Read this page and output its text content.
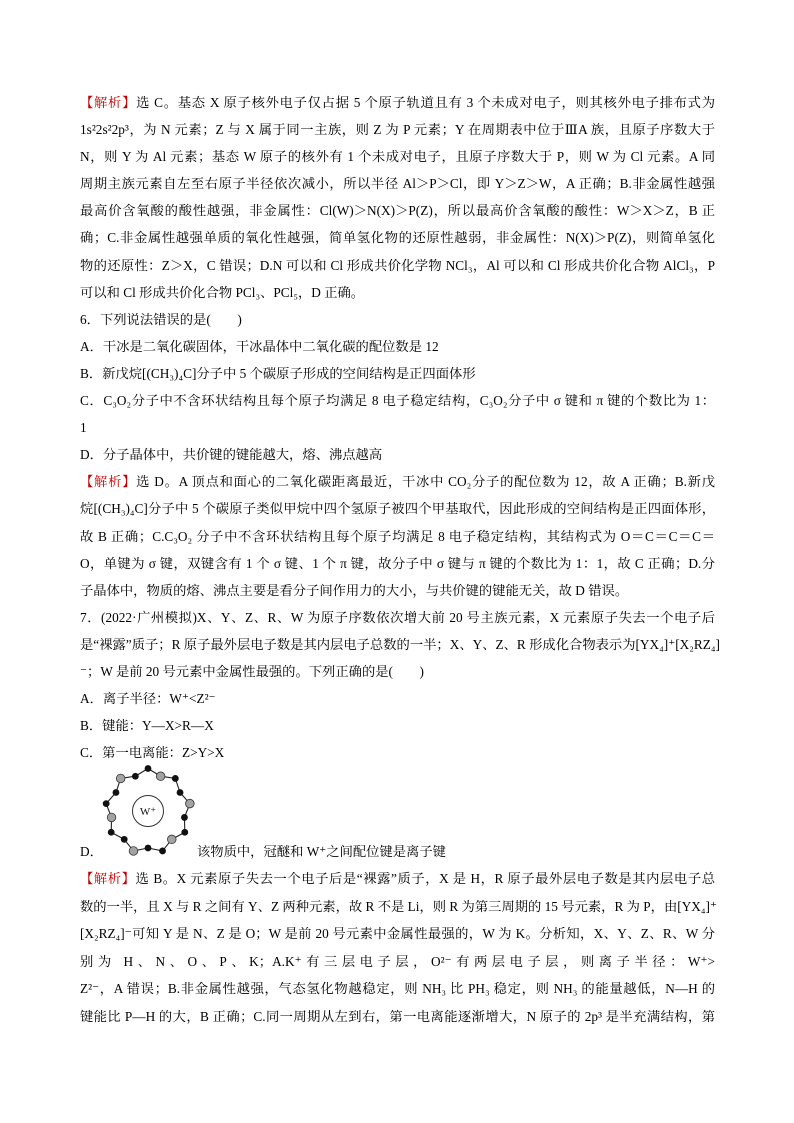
【解析】选 C。基态 X 原子核外电子仅占据 5 个原子轨道且有 3 个未成对电子，则其核外电子排布式为
1s²2s²2p³，为 N 元素；Z 与 X 属于同一主族，则 Z 为 P 元素；Y 在周期表中位于ⅢA 族，且原子序数大于
N，则 Y 为 Al 元素；基态 W 原子的核外有 1 个未成对电子，且原子序数大于 P，则 W 为 Cl 元素。A 同
周期主族元素自左至右原子半径依次减小，所以半径 Al＞P＞Cl，即 Y＞Z＞W，A 正确；B.非金属性越强
最高价含氧酸的酸性越强，非金属性：Cl(W)＞N(X)＞P(Z)，所以最高价含氧酸的酸性：W＞X＞Z，B 正
确；C.非金属性越强单质的氧化性越强，简单氢化物的还原性越弱，非金属性：N(X)＞P(Z)，则简单氢化
物的还原性：Z＞X，C 错误；D.N 可以和 Cl 形成共价化学物 NCl₃，Al 可以和 Cl 形成共价化合物 AlCl₃，P
可以和 Cl 形成共价化合物 PCl₃、PCl₅，D 正确。
6．下列说法错误的是(　　)
A．干冰是二氧化碳固体，干冰晶体中二氧化碳的配位数是 12
B．新戊烷[(CH₃)₄C]分子中 5 个碳原子形成的空间结构是正四面体形
C．C₃O₂分子中不含环状结构且每个原子均满足 8 电子稳定结构，C₃O₂分子中 σ 键和 π 键的个数比为 1：
1
D．分子晶体中，共价键的键能越大，熔、沸点越高
【解析】选 D。A 顶点和面心的二氧化碳距离最近，干冰中 CO₂分子的配位数为 12，故 A 正确；B.新戊
烷[(CH₃)₄C]分子中 5 个碳原子类似甲烷中四个氢原子被四个甲基取代，因此形成的空间结构是正四面体形，
故 B 正确；C.C₃O₂ 分子中不含环状结构且每个原子均满足 8 电子稳定结构，其结构式为 O＝C＝C＝C＝
O，单键为 σ 键，双键含有 1 个 σ 键、1 个 π 键，故分子中 σ 键与 π 键的个数比为 1：1，故 C 正确；D.分
子晶体中，物质的熔、沸点主要是看分子间作用力的大小，与共价键的键能无关，故 D 错误。
7．(2022·广州模拟)X、Y、Z、R、W 为原子序数依次增大前 20 号主族元素，X 元素原子失去一个电子后
是“裸露”质子；R 原子最外层电子数是其内层电子总数的一半；X、Y、Z、R 形成化合物表示为[YX₄]⁺[X₂RZ₄]
⁻；W 是前 20 号元素中金属性最强的。下列正确的是(　　)
A．离子半径：W⁺<Z²⁻
B．键能：Y—X>R—X
C．第一电离能：Z>Y>X
D．
W⁺
该物质中，冠醚和 W⁺之间配位键是离子键
【解析】选 B。X 元素原子失去一个电子后是“裸露”质子，X 是 H，R 原子最外层电子数是其内层电子总
数的一半，且 X 与 R 之间有 Y、Z 两种元素，故 R 不是 Li，则 R 为第三周期的 15 号元素，R 为 P，由[YX₄]⁺
[X₂RZ₄]⁻可知 Y 是 N、Z 是 O；W 是前 20 号元素中金属性最强的，W 为 K。分析知，X、Y、Z、R、W 分
别为 H、N、O、P、K；A.K⁺有三层电子层，O²⁻有两层电子层，则离子半径：W⁺>
Z²⁻，A 错误；B.非金属性越强，气态氢化物越稳定，则 NH₃ 比 PH₃ 稳定，则 NH₃ 的能量越低，N—H 的
键能比 P—H 的大，B 正确；C.同一周期从左到右，第一电离能逐渐增大，N 原子的 2p³ 是半充满结构，第
